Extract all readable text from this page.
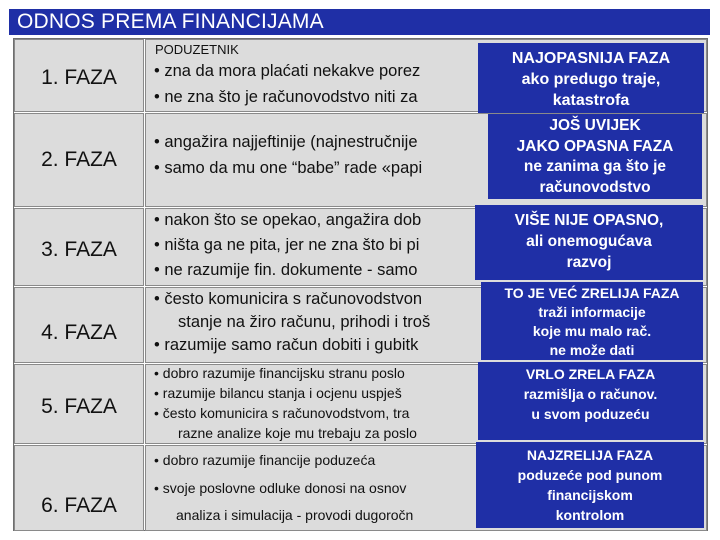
ODNOS PREMA FINANCIJAMA
1. FAZA
PODUZETNIK
• zna da mora plaćati nekakve porez
• ne zna što je računovodstvo niti za
2. FAZA
• angažira najjeftinije (najnestručnije
• samo da mu one “babe” rade «papi
3. FAZA
• nakon što se opekao, angažira dob
• ništa ga ne pita, jer ne zna što bi pi
• ne razumije fin. dokumente - samo
4. FAZA
• često komunicira s računovodstvon
stanje na žiro računu, prihodi i troš
• razumije samo račun dobiti i gubitk
5. FAZA
• dobro razumije financijsku stranu poslo
• razumije bilancu stanja i ocjenu uspješ
• često komunicira s računovodstvom, tra
razne analize koje mu trebaju za poslo
6. FAZA
• dobro razumije financije poduzeća
• svoje poslovne odluke donosi na osnov
analiza i simulacija - provodi dugoročn
NAJOPASNIJA FAZA
ako predugo traje,
katastrofa
JOŠ UVIJEK
JAKO OPASNA FAZA
ne zanima ga što je
računovodstvo
VIŠE NIJE OPASNO,
ali onemogućava
razvoj
TO JE VEĆ ZRELIJA FAZA
traži informacije
koje mu malo rač.
ne može dati
VRLO ZRELA FAZA
razmišlja o računov.
u svom poduzeću
NAJZRELIJA FAZA
poduzeće pod punom
financijskom
kontrolom
